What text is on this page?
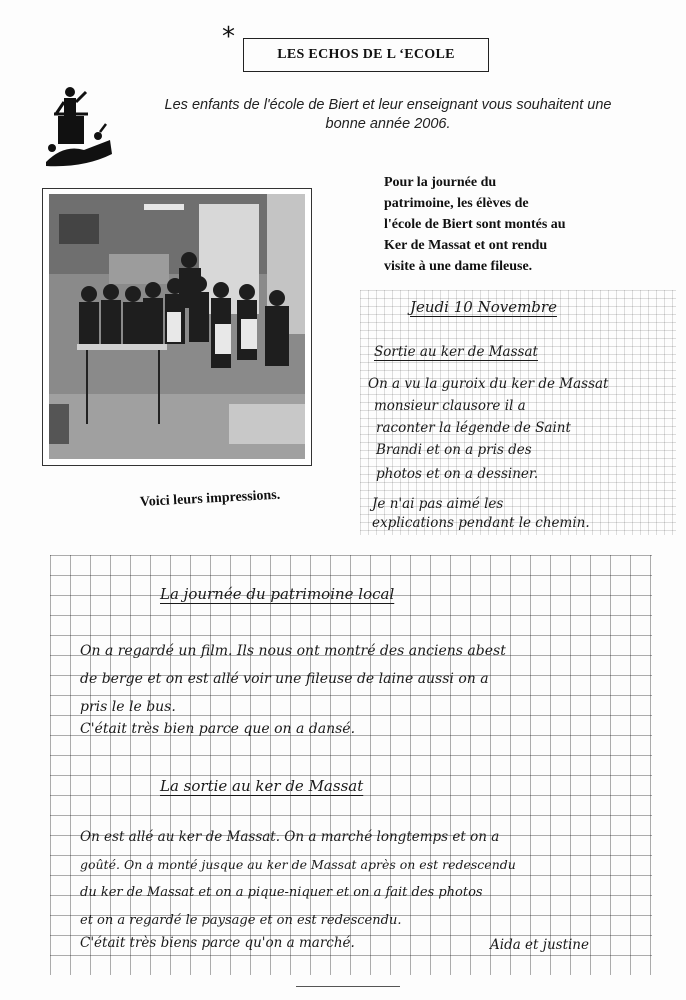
*
LES ECHOS DE L ‘ECOLE
Les enfants de l'école de Biert et leur enseignant vous souhaitent une
bonne année 2006.
Pour la journée du
patrimoine, les élèves de
l'école de Biert sont montés au
Ker de Massat et ont rendu
visite à une dame fileuse.
Voici leurs impressions.
Jeudi 10 Novembre
Sortie au ker de Massat
On a vu la guroix du ker de Massat
monsieur clausore il a
raconter la légende de Saint
Brandi et on a pris des
photos et on a dessiner.
Je n'ai pas aimé les
explications pendant le chemin.
La journée du patrimoine local
On a regardé un film. Ils nous ont montré des anciens abest
de berge et on est allé voir une fileuse de laine aussi on a
pris le le bus.
C'était très bien parce que on a dansé.
La sortie au ker de Massat
On est allé au ker de Massat. On a marché longtemps et on a
goûté. On a monté jusque au ker de Massat après on est redescendu
du ker de Massat et on a pique-niquer et on a fait des photos
et on a regardé le paysage et on est redescendu.
C'était très biens parce qu'on a marché.	Aida et justine
